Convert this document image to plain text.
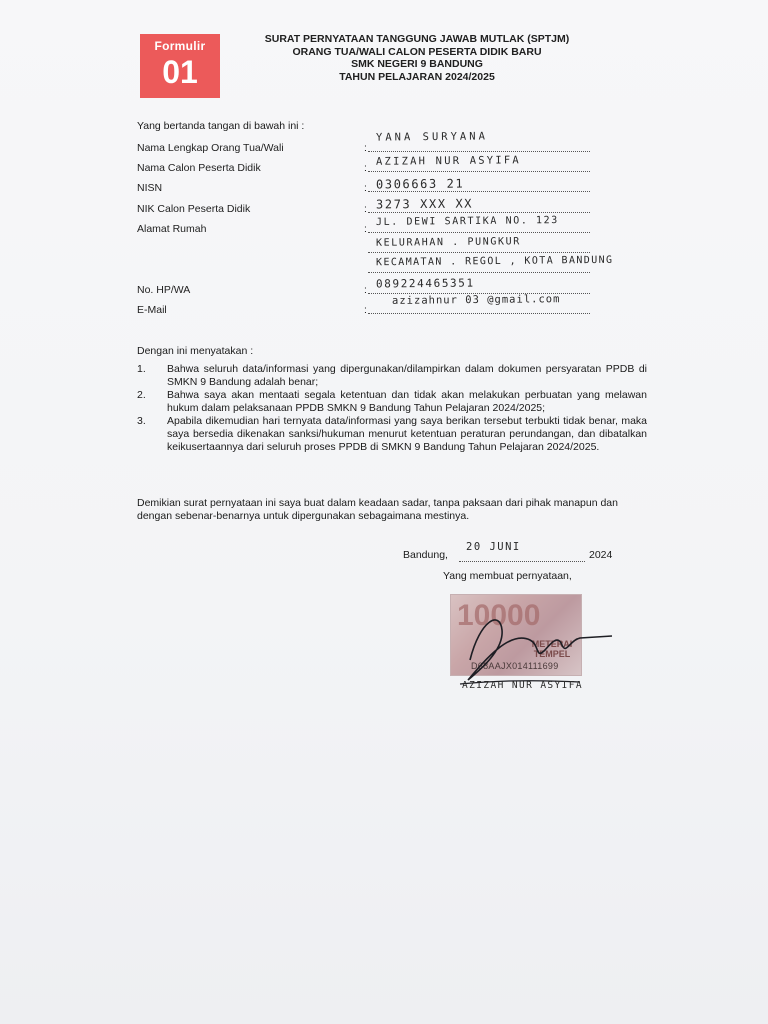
Formulir
01
SURAT PERNYATAAN TANGGUNG JAWAB MUTLAK (SPTJM)
ORANG TUA/WALI CALON PESERTA DIDIK BARU
SMK NEGERI 9 BANDUNG
TAHUN PELAJARAN 2024/2025
Yang bertanda tangan di bawah ini :
Nama Lengkap Orang Tua/Wali	:
YANA SURYANA
Nama Calon Peserta Didik	:
AZIZAH NUR ASYIFA
NISN	: 0306663 21
NIK Calon Peserta Didik	: 3273 XXX XX
Alamat Rumah	:
JL. DEWI SARTIKA NO. 123
KELURAHAN . PUNGKUR
KECAMATAN . REGOL , KOTA BANDUNG
No. HP/WA	: 089224465351
E-Mail	:
azizahnur 03 @gmail.com
Dengan ini menyatakan :
1. Bahwa seluruh data/informasi yang dipergunakan/dilampirkan dalam dokumen persyaratan PPDB di SMKN 9 Bandung adalah benar;
2. Bahwa saya akan mentaati segala ketentuan dan tidak akan melakukan perbuatan yang melawan hukum dalam pelaksanaan PPDB SMKN 9 Bandung Tahun Pelajaran 2024/2025;
3. Apabila dikemudian hari ternyata data/informasi yang saya berikan tersebut terbukti tidak benar, maka saya bersedia dikenakan sanksi/hukuman menurut ketentuan peraturan perundangan, dan dibatalkan keikusertaannya dari seluruh proses PPDB di SMKN 9 Bandung Tahun Pelajaran 2024/2025.
Demikian surat pernyataan ini saya buat dalam keadaan sadar, tanpa paksaan dari pihak manapun dan dengan sebenar-benarnya untuk dipergunakan sebagaimana mestinya.
Bandung,
20 JUNI
2024
Yang membuat pernyataan,
10000
METERAI TEMPEL
D68AAJX014111699
AZIZAH NUR ASYIFA
